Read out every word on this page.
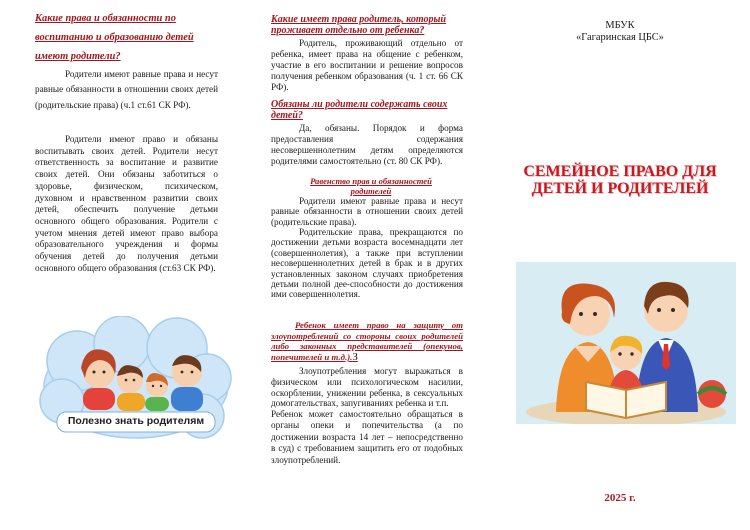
Какие права и обязанности по воспитанию и образованию детей имеют родители?

Родители имеют равные права и несут равные обязанности в отношении своих детей (родительские права) (ч.1 ст.61 СК РФ).

Родители имеют право и обязаны воспитывать своих детей. Родители несут ответственность за воспитание и развитие своих детей. Они обязаны заботиться о здоровье, физическом, психическом, духовном и нравственном развитии своих детей, обеспечить получение детьми основного общего образования. Родители с учетом мнения детей имеют право выбора образовательного учреждения и формы обучения детей до получения детьми основного общего образования (ст.63 СК РФ).

Полезно знать родителям

Какие имеет права родитель, который проживает отдельно от ребенка?

Родитель, проживающий отдельно от ребенка, имеет права на общение с ребенком, участие в его воспитании и решение вопросов получения ребенком образования (ч. 1 ст. 66 СК РФ).

Обязаны ли родители содержать своих детей?

Да, обязаны. Порядок и форма предоставления содержания несовершеннолетним детям определяются родителями самостоятельно (ст. 80 СК РФ).

Равенство прав и обязанностей родителей

Родители имеют равные права и несут равные обязанности в отношении своих детей (родительские права).

Родительские права, прекращаются по достижении детьми возраста восемнадцати лет (совершеннолетия), а также при вступлении несовершеннолетних детей в брак и в других установленных законом случаях приобретения детьми полной дее-способности до достижения ими совершеннолетия.

Ребенок имеет право на защиту от злоупотреблений со стороны своих родителей либо законных представителей (опекунов, попечителей и т.д.).З

Злоупотребления могут выражаться в физическом или психологическом насилии, оскорблении, унижении ребенка, в сексуальных домогательствах, запугиваниях ребенка и т.п.

Ребенок может самостоятельно обращаться в органы опеки и попечительства (а по достижении возраста 14 лет – непосредственно в суд) с требованием защитить его от подобных злоупотреблений.

МБУК
«Гагаринская ЦБС»
СЕМЕЙНОЕ ПРАВО ДЛЯ
ДЕТЕЙ И РОДИТЕЛЕЙ
2025 г.
